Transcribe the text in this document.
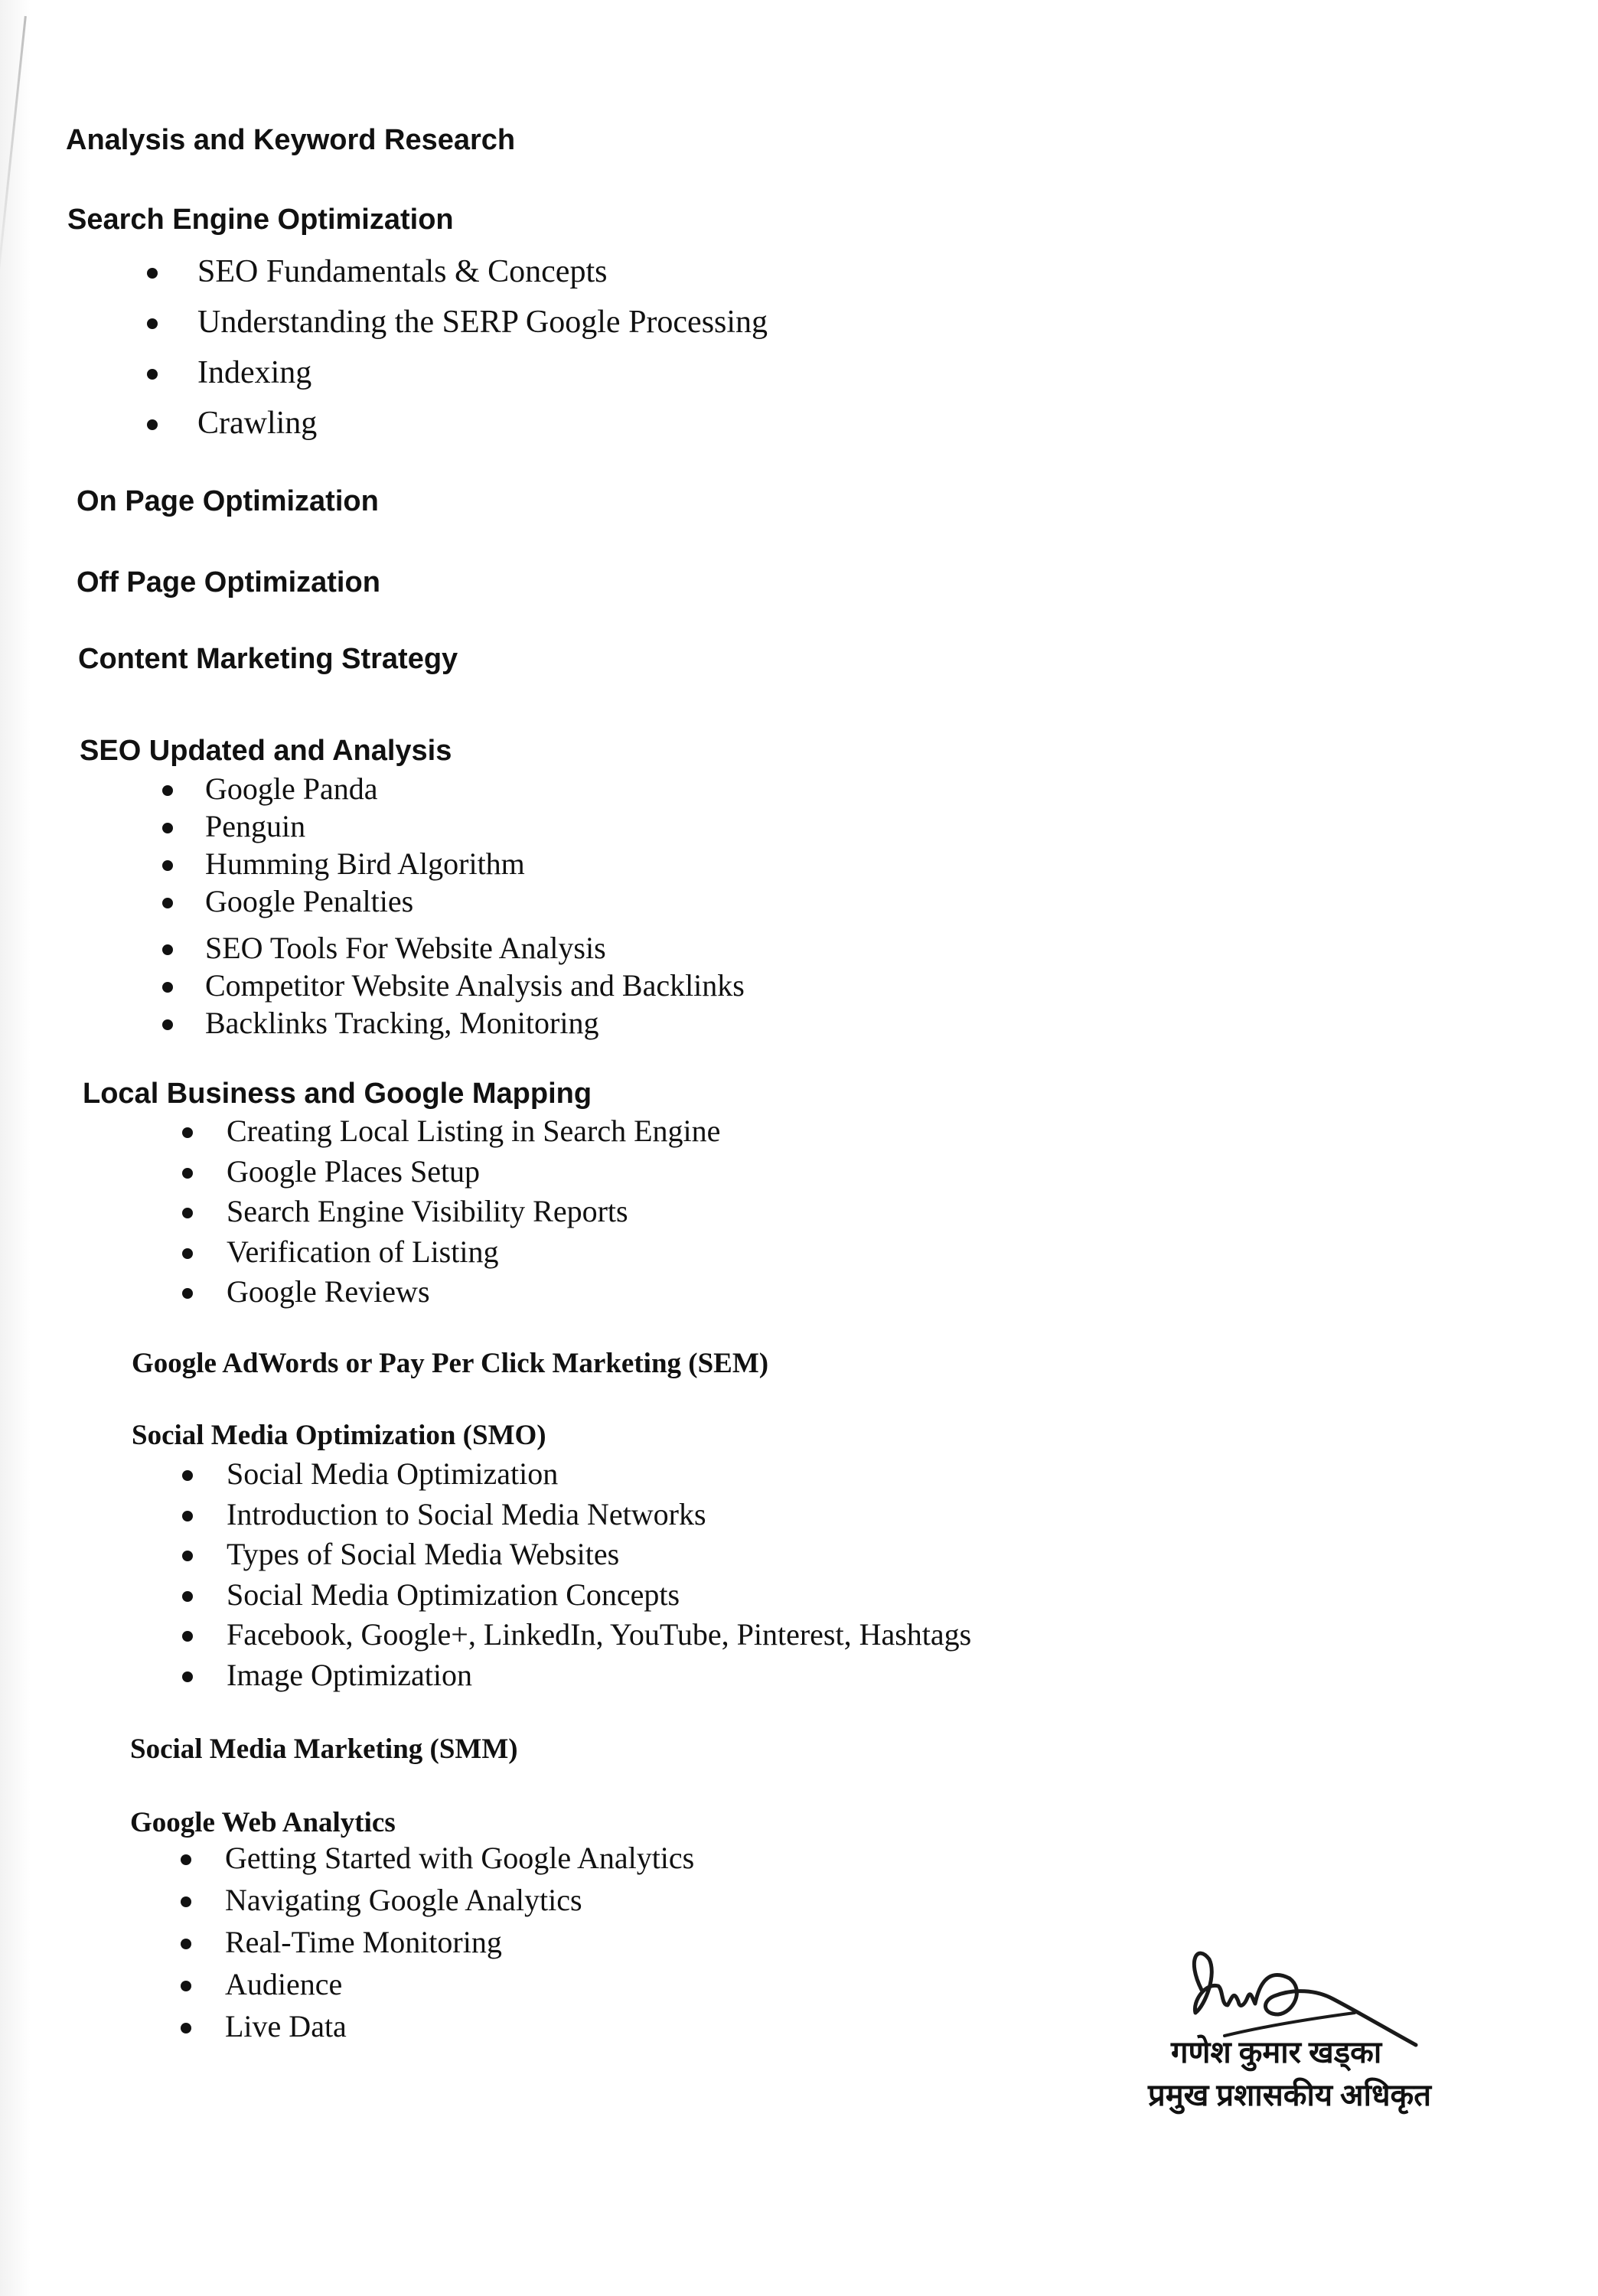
Analysis and Keyword Research

Search Engine Optimization

SEO Fundamentals & Concepts
Understanding the SERP Google Processing
Indexing
Crawling

On Page Optimization

Off Page Optimization

Content Marketing Strategy

SEO Updated and Analysis

Google Panda
Penguin
Humming Bird Algorithm
Google Penalties
SEO Tools For Website Analysis
Competitor Website Analysis and Backlinks
Backlinks Tracking, Monitoring

Local Business and Google Mapping

Creating Local Listing in Search Engine
Google Places Setup
Search Engine Visibility Reports
Verification of Listing
Google Reviews

Google AdWords or Pay Per Click Marketing (SEM)

Social Media Optimization (SMO)

Social Media Optimization
Introduction to Social Media Networks
Types of Social Media Websites
Social Media Optimization Concepts
Facebook, Google+, LinkedIn, YouTube, Pinterest, Hashtags
Image Optimization

Social Media Marketing (SMM)

Google Web Analytics

Getting Started with Google Analytics
Navigating Google Analytics
Real-Time Monitoring
Audience
Live Data
गणेश कुमार खड्का
प्रमुख प्रशासकीय अधिकृत
